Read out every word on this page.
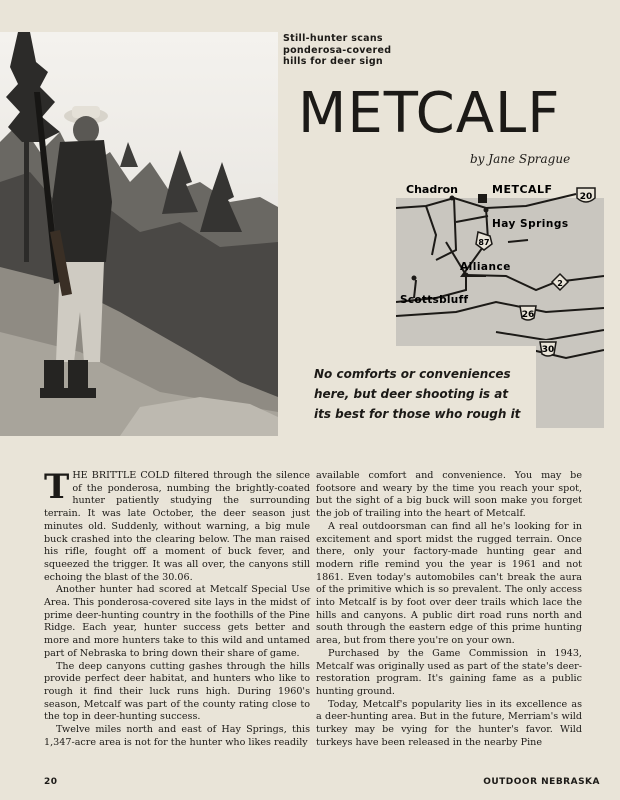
Still-hunter scans
ponderosa-covered
hills for deer sign
METCALF
by Jane Sprague
20
87
2
26
Chadron	METCALF
Hay Springs
Alliance
Scottsbluff
30
No comforts or conveniences
here, but deer shooting is at
its best for those who rough it

THE BRITTLE COLD filtered through the silence of the ponderosa, numbing the brightly-coated hunter patiently studying the surrounding terrain. It was late October, the deer season just minutes old. Suddenly, without warning, a big mule buck crashed into the clearing below. The man raised his rifle, fought off a moment of buck fever, and squeezed the trigger. It was all over, the canyons still echoing the blast of the 30.06.

Another hunter had scored at Metcalf Special Use Area. This ponderosa-covered site lays in the midst of prime deer-hunting country in the foothills of the Pine Ridge. Each year, hunter success gets better and more and more hunters take to this wild and untamed part of Nebraska to bring down their share of game.

The deep canyons cutting gashes through the hills provide perfect deer habitat, and hunters who like to rough it find their luck runs high. During 1960's season, Metcalf was part of the county rating close to the top in deer-hunting success.

Twelve miles north and east of Hay Springs, this 1,347-acre area is not for the hunter who likes readily

available comfort and convenience. You may be footsore and weary by the time you reach your spot, but the sight of a big buck will soon make you forget the job of trailing into the heart of Metcalf.

A real outdoorsman can find all he's looking for in excitement and sport midst the rugged terrain. Once there, only your factory-made hunting gear and modern rifle remind you the year is 1961 and not 1861. Even today's automobiles can't break the aura of the primitive which is so prevalent. The only access into Metcalf is by foot over deer trails which lace the hills and canyons. A public dirt road runs north and south through the eastern edge of this prime hunting area, but from there you're on your own.

Purchased by the Game Commission in 1943, Metcalf was originally used as part of the state's deer-restoration program. It's gaining fame as a public hunting ground.

Today, Metcalf's popularity lies in its excellence as a deer-hunting area. But in the future, Merriam's wild turkey may be vying for the hunter's favor. Wild turkeys have been released in the nearby Pine

20	OUTDOOR NEBRASKA
